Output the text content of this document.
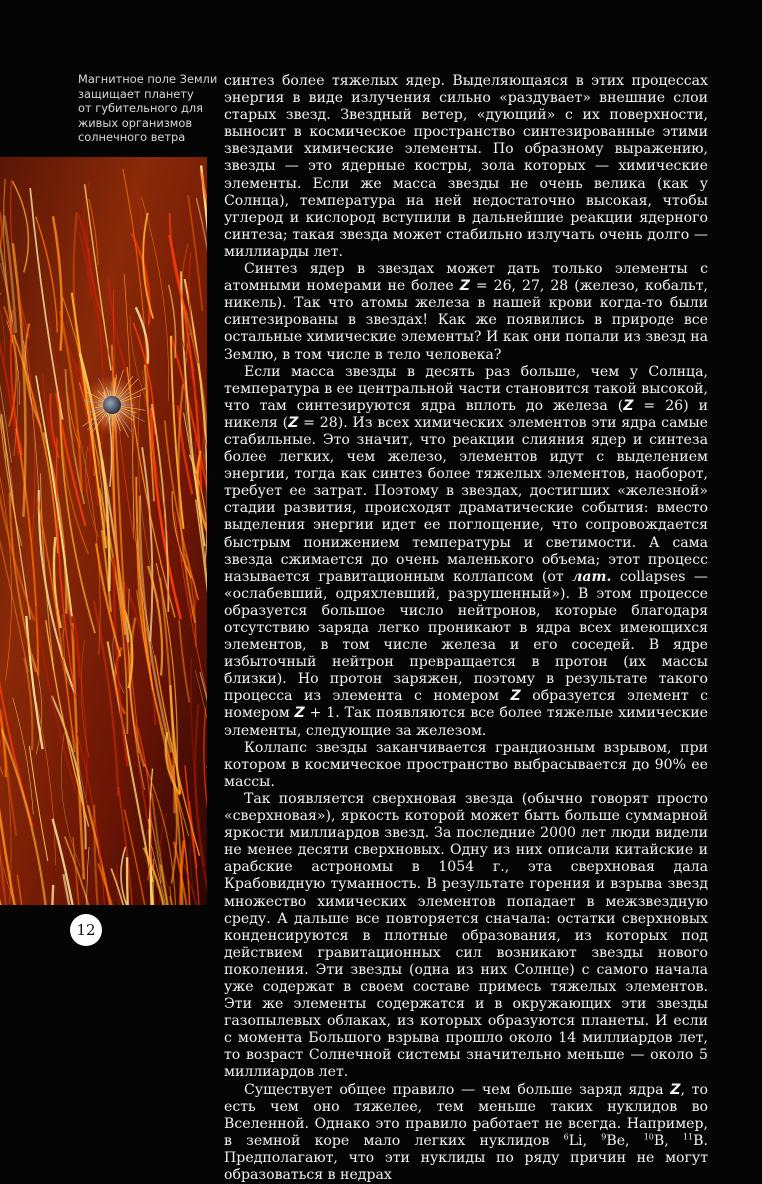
Магнитное поле Земли
защищает планету
от губительного для
живых организмов
солнечного ветра

синтез более тяжелых ядер. Выделяющаяся в этих процессах энергия в виде излучения сильно «раздувает» внешние слои старых звезд. Звездный ветер, «дующий» с их поверхности, выносит в космическое пространство синтезированные этими звездами химические элементы. По образному выражению, звезды — это ядерные костры, зола которых — химические элементы. Если же масса звезды не очень велика (как у Солнца), температура на ней недостаточно высокая, чтобы углерод и кислород вступили в дальнейшие реакции ядерного синтеза; такая звезда может стабильно излучать очень долго — миллиарды лет.

Синтез ядер в звездах может дать только элементы с атомными номерами не более Z = 26, 27, 28 (железо, кобальт, никель). Так что атомы железа в нашей крови когда-то были синтезированы в звездах! Как же появились в природе все остальные химические элементы? И как они попали из звезд на Землю, в том числе в тело человека?

Если масса звезды в десять раз больше, чем у Солнца, температура в ее центральной части становится такой высокой, что там синтезируются ядра вплоть до железа (Z = 26) и никеля (Z = 28). Из всех химических элементов эти ядра самые стабильные. Это значит, что реакции слияния ядер и синтеза более легких, чем железо, элементов идут с выделением энергии, тогда как синтез более тяжелых элементов, наоборот, требует ее затрат. Поэтому в звездах, достигших «железной» стадии развития, происходят драматические события: вместо выделения энергии идет ее поглощение, что сопровождается быстрым понижением температуры и светимости. А сама звезда сжимается до очень маленького объема; этот процесс называется гравитационным коллапсом (от лат. collapses — «ослабевший, одряхлевший, разрушенный»). В этом процессе образуется большое число нейтронов, которые благодаря отсутствию заряда легко проникают в ядра всех имеющихся элементов, в том числе железа и его соседей. В ядре избыточный нейтрон превращается в протон (их массы близки). Но протон заряжен, поэтому в результате такого процесса из элемента с номером Z образуется элемент с номером Z + 1. Так появляются все более тяжелые химические элементы, следующие за железом.

Коллапс звезды заканчивается грандиозным взрывом, при котором в космическое пространство выбрасывается до 90% ее массы.

Так появляется сверхновая звезда (обычно говорят просто «сверхновая»), яркость которой может быть больше суммарной яркости миллиардов звезд. За последние 2000 лет люди видели не менее десяти сверхновых. Одну из них описали китайские и арабские астрономы в 1054 г., эта сверхновая дала Крабовидную туманность. В результате горения и взрыва звезд множество химических элементов попадает в межзвездную среду. А дальше все повторяется сначала: остатки сверхновых конденсируются в плотные образования, из которых под действием гравитационных сил возникают звезды нового поколения. Эти звезды (одна из них Солнце) с самого начала уже содержат в своем составе примесь тяжелых элементов. Эти же элементы содержатся и в окружающих эти звезды газопылевых облаках, из которых образуются планеты. И если с момента Большого взрыва прошло около 14 миллиардов лет, то возраст Солнечной системы значительно меньше — около 5 миллиардов лет.

Существует общее правило — чем больше заряд ядра Z, то есть чем оно тяжелее, тем меньше таких нуклидов во Вселенной. Однако это правило работает не всегда. Например, в земной коре мало легких нуклидов $^6$Li, $^9$Be, $^{10}$B, $^{11}$B. Предполагают, что эти нуклиды по ряду причин не могут образоваться в недрах

12
